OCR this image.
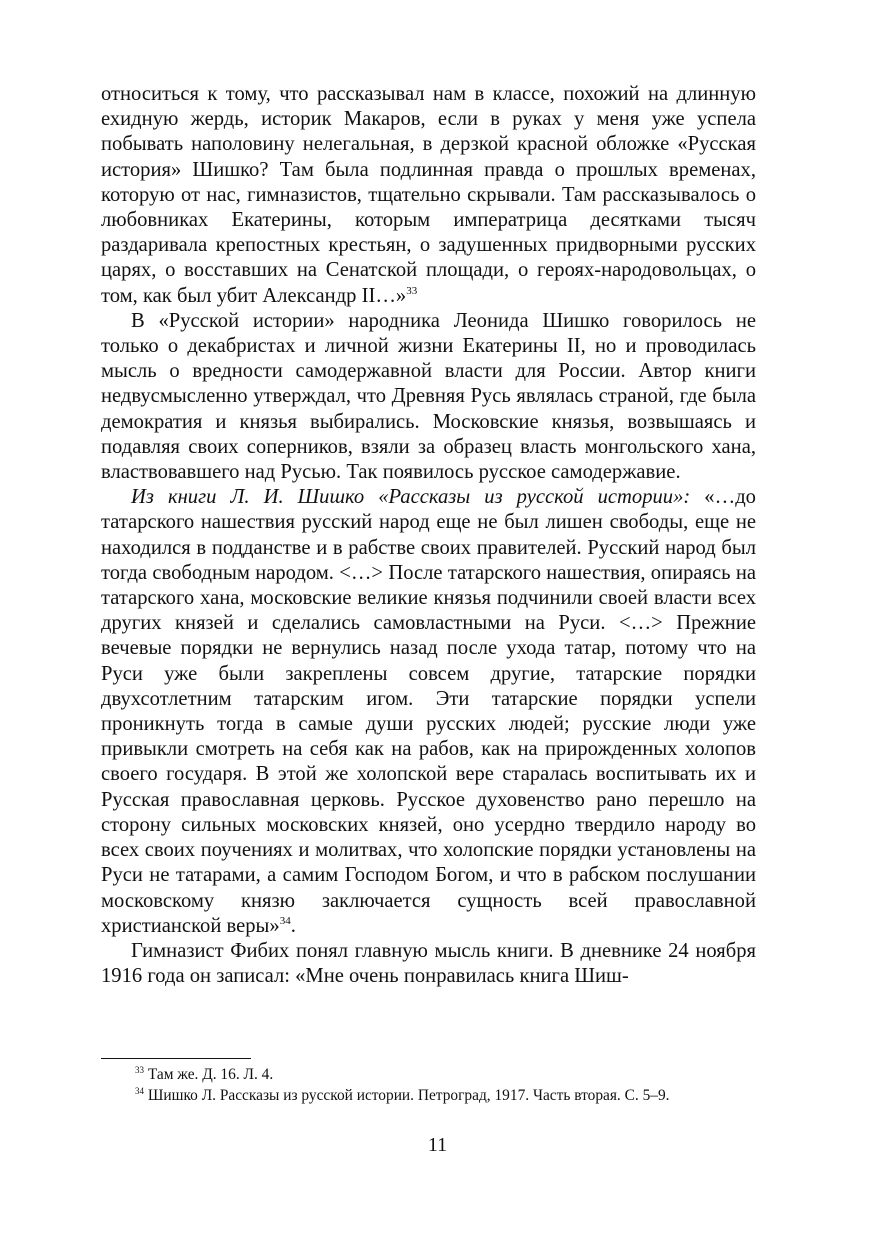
относиться к тому, что рассказывал нам в классе, похожий на длинную ехидную жердь, историк Макаров, если в руках у меня уже успела побывать наполовину нелегальная, в дерзкой красной обложке «Русская история» Шишко? Там была подлинная правда о прошлых временах, которую от нас, гимназистов, тщательно скрывали. Там рассказывалось о любовниках Екатерины, которым императрица десятками тысяч раздаривала крепостных крестьян, о задушенных придворными русских царях, о восставших на Сенатской площади, о героях-народовольцах, о том, как был убит Александр II…»$^{33}$

В «Русской истории» народника Леонида Шишко говорилось не только о декабристах и личной жизни Екатерины II, но и проводилась мысль о вредности самодержавной власти для России. Автор книги недвусмысленно утверждал, что Древняя Русь являлась страной, где была демократия и князья выбирались. Московские князья, возвышаясь и подавляя своих соперников, взяли за образец власть монгольского хана, властвовавшего над Русью. Так появилось русское самодержавие.

Из книги Л. И. Шишко «Рассказы из русской истории»: «…до татарского нашествия русский народ еще не был лишен свободы, еще не находился в подданстве и в рабстве своих правителей. Русский народ был тогда свободным народом. <…> После татарского нашествия, опираясь на татарского хана, московские великие князья подчинили своей власти всех других князей и сделались самовластными на Руси. <…> Прежние вечевые порядки не вернулись назад после ухода татар, потому что на Руси уже были закреплены совсем другие, татарские порядки двухсотлетним татарским игом. Эти татарские порядки успели проникнуть тогда в самые души русских людей; русские люди уже привыкли смотреть на себя как на рабов, как на прирожденных холопов своего государя. В этой же холопской вере старалась воспитывать их и Русская православная церковь. Русское духовенство рано перешло на сторону сильных московских князей, оно усердно твердило народу во всех своих поучениях и молитвах, что холопские порядки установлены на Руси не татарами, а самим Господом Богом, и что в рабском послушании московскому князю заключается сущность всей православной христианской веры»$^{34}$.

Гимназист Фибих понял главную мысль книги. В дневнике 24 ноября 1916 года он записал: «Мне очень понравилась книга Шиш-

$^{33}$ Там же. Д. 16. Л. 4.

$^{34}$ Шишко Л. Рассказы из русской истории. Петроград, 1917. Часть вторая. С. 5–9.

11
